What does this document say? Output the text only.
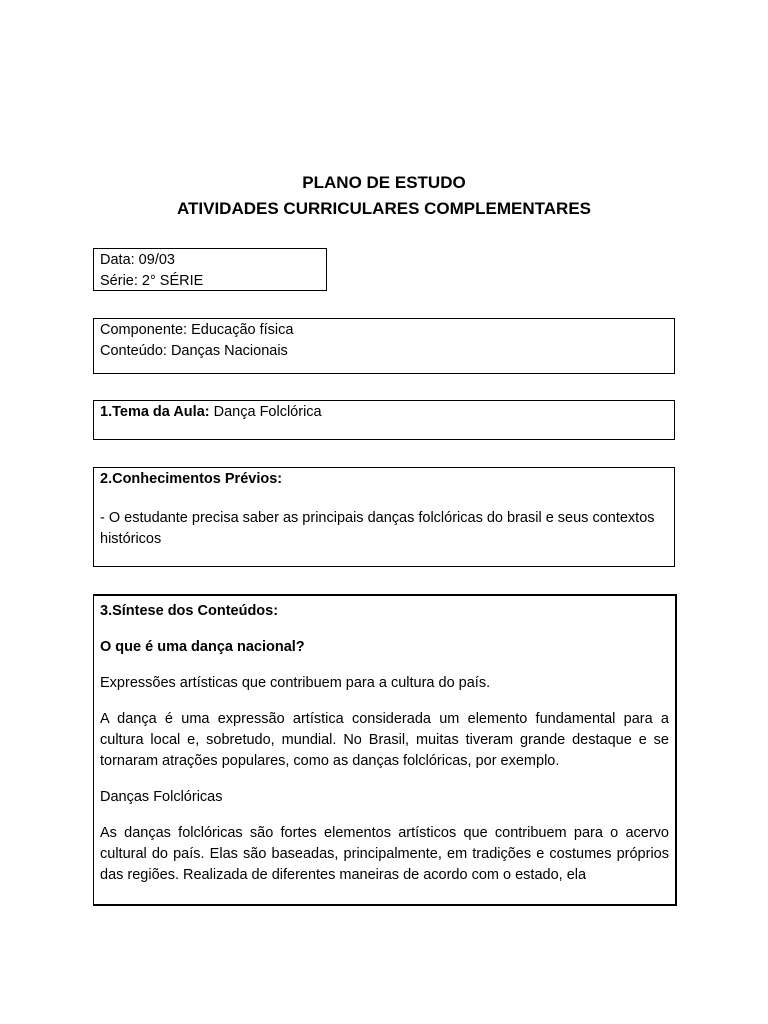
PLANO DE ESTUDO
ATIVIDADES CURRICULARES COMPLEMENTARES

Data: 09/03

Série: 2° SÉRIE

Componente: Educação física

Conteúdo: Danças Nacionais

1.Tema da Aula: Dança Folclórica

2.Conhecimentos Prévios:

- O estudante precisa saber as principais danças folclóricas do brasil e seus contextos históricos

3.Síntese dos Conteúdos:

O que é uma dança nacional?

Expressões artísticas que contribuem para a cultura do país.

A dança é uma expressão artística considerada um elemento fundamental para a cultura local e, sobretudo, mundial. No Brasil, muitas tiveram grande destaque e se tornaram atrações populares, como as danças folclóricas, por exemplo.

Danças Folclóricas

As danças folclóricas são fortes elementos artísticos que contribuem para o acervo cultural do país. Elas são baseadas, principalmente, em tradições e costumes próprios das regiões. Realizada de diferentes maneiras de acordo com o estado, ela
